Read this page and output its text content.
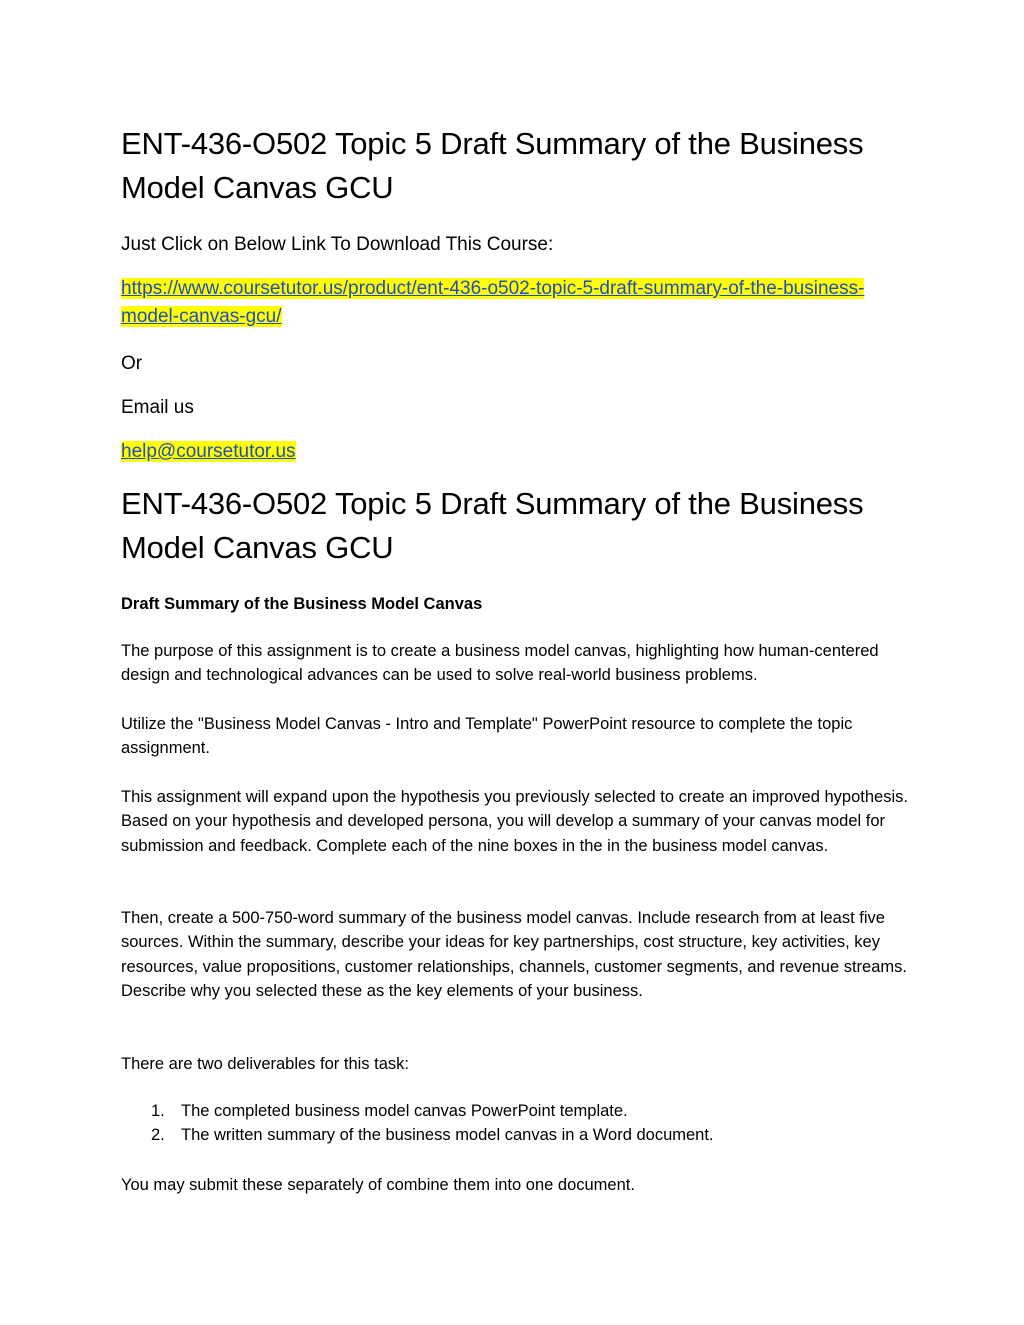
ENT-436-O502 Topic 5 Draft Summary of the Business Model Canvas GCU

Just Click on Below Link To Download This Course:

https://www.coursetutor.us/product/ent-436-o502-topic-5-draft-summary-of-the-business-model-canvas-gcu/

Or

Email us

help@coursetutor.us

ENT-436-O502 Topic 5 Draft Summary of the Business Model Canvas GCU

Draft Summary of the Business Model Canvas

The purpose of this assignment is to create a business model canvas, highlighting how human-centered design and technological advances can be used to solve real-world business problems.

Utilize the "Business Model Canvas - Intro and Template" PowerPoint resource to complete the topic assignment.

This assignment will expand upon the hypothesis you previously selected to create an improved hypothesis. Based on your hypothesis and developed persona, you will develop a summary of your canvas model for submission and feedback. Complete each of the nine boxes in the in the business model canvas.

Then, create a 500-750-word summary of the business model canvas. Include research from at least five sources. Within the summary, describe your ideas for key partnerships, cost structure, key activities, key resources, value propositions, customer relationships, channels, customer segments, and revenue streams. Describe why you selected these as the key elements of your business.

There are two deliverables for this task:

1. The completed business model canvas PowerPoint template.
2. The written summary of the business model canvas in a Word document.

You may submit these separately of combine them into one document.
